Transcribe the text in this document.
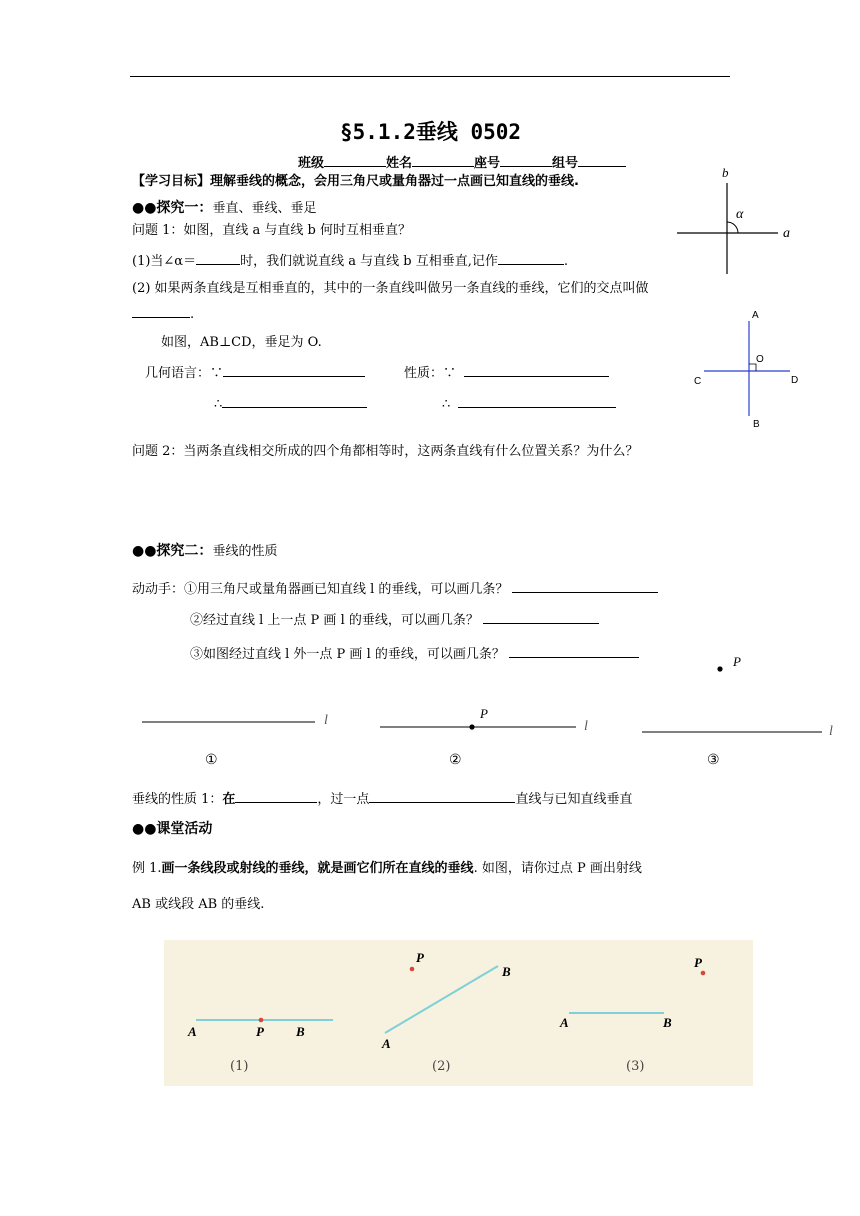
§5.1.2垂线 0502
班级	姓名	座号	组号
【学习目标】理解垂线的概念，会用三角尺或量角器过一点画已知直线的垂线.
●●探究一：垂直、垂线、垂足
问题 1：如图，直线 a 与直线 b 何时互相垂直？
(1)当∠α＝	时，我们就说直线 a 与直线 b 互相垂直,记作	.
(2) 如果两条直线是互相垂直的，其中的一条直线叫做另一条直线的垂线，它们的交点叫做
.
如图，AB⊥CD，垂足为 O.
几何语言：∵	性质：∵
∴	∴
问题 2：当两条直线相交所成的四个角都相等时，这两条直线有什么位置关系？为什么？
b
α
a
A
O
C	D
B
●●探究二：垂线的性质
动动手：①用三角尺或量角器画已知直线 l 的垂线，可以画几条？
②经过直线 l 上一点 P 画 l 的垂线，可以画几条？
③如图经过直线 l 外一点 P 画 l 的垂线，可以画几条？
l	P
l
P
l
①	②	③
垂线的性质 1：在	，过一点	直线与已知直线垂直
●●课堂活动
例 1.画一条线段或射线的垂线，就是画它们所在直线的垂线. 如图，请你过点 P 画出射线
AB 或线段 AB 的垂线.
A	P B
P
B
A
P
A	B
(1)	(2)	(3)
